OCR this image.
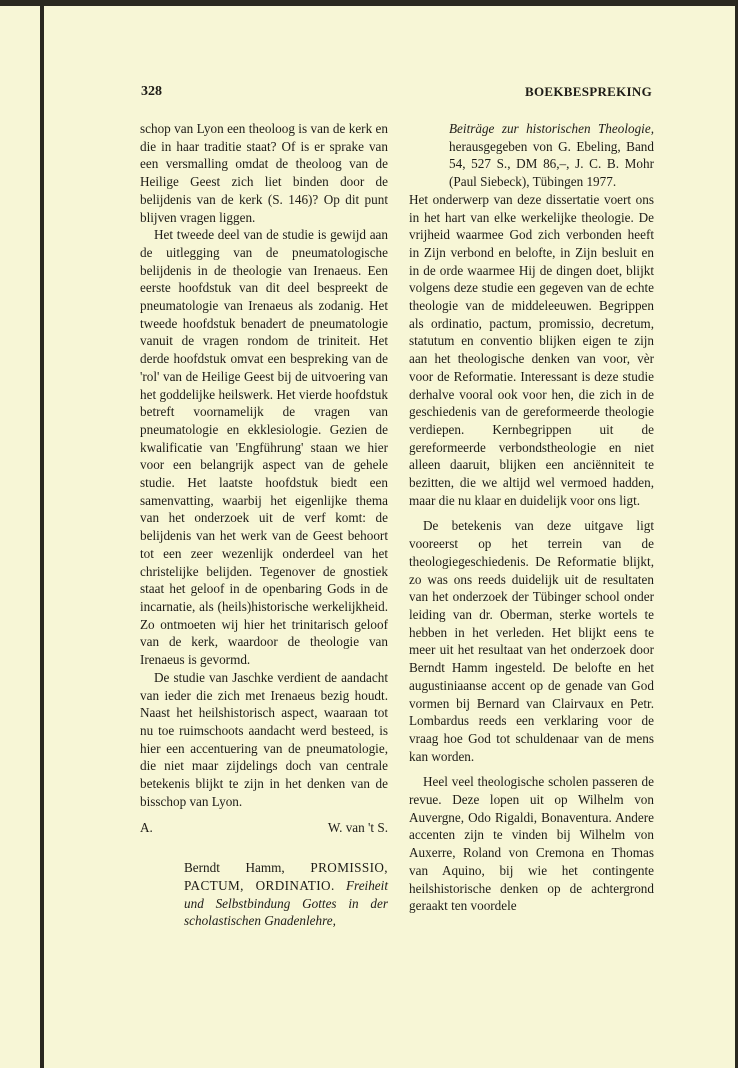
328	BOEKBESPREKING

schop van Lyon een theoloog is van de kerk en die in haar traditie staat? Of is er sprake van een versmalling omdat de theoloog van de Heilige Geest zich liet binden door de belijdenis van de kerk (S. 146)? Op dit punt blijven vragen liggen.

Het tweede deel van de studie is gewijd aan de uitlegging van de pneumatologische belijdenis in de theologie van Irenaeus. Een eerste hoofdstuk van dit deel bespreekt de pneumatologie van Irenaeus als zodanig. Het tweede hoofdstuk benadert de pneumatologie vanuit de vragen rondom de triniteit. Het derde hoofdstuk omvat een bespreking van de 'rol' van de Heilige Geest bij de uitvoering van het goddelijke heilswerk. Het vierde hoofdstuk betreft voornamelijk de vragen van pneumatologie en ekklesiologie. Gezien de kwalificatie van 'Engführung' staan we hier voor een belangrijk aspect van de gehele studie. Het laatste hoofdstuk biedt een samenvatting, waarbij het eigenlijke thema van het onderzoek uit de verf komt: de belijdenis van het werk van de Geest behoort tot een zeer wezenlijk onderdeel van het christelijke belijden. Tegenover de gnostiek staat het geloof in de openbaring Gods in de incarnatie, als (heils)historische werkelijkheid. Zo ontmoeten wij hier het trinitarisch geloof van de kerk, waardoor de theologie van Irenaeus is gevormd.

De studie van Jaschke verdient de aandacht van ieder die zich met Irenaeus bezig houdt. Naast het heilshistorisch aspect, waaraan tot nu toe ruimschoots aandacht werd besteed, is hier een accentuering van de pneumatologie, die niet maar zijdelings doch van centrale betekenis blijkt te zijn in het denken van de bisschop van Lyon.

A.	W. van 't S.
Berndt Hamm, PROMISSIO, PACTUM, ORDINATIO. Freiheit und Selbstbindung Gottes in der scholastischen Gnadenlehre,
Beiträge zur historischen Theologie, herausgegeben von G. Ebeling, Band 54, 527 S., DM 86,–, J. C. B. Mohr (Paul Siebeck), Tübingen 1977.

Het onderwerp van deze dissertatie voert ons in het hart van elke werkelijke theologie. De vrijheid waarmee God zich verbonden heeft in Zijn verbond en belofte, in Zijn besluit en in de orde waarmee Hij de dingen doet, blijkt volgens deze studie een gegeven van de echte theologie van de middeleeuwen. Begrippen als ordinatio, pactum, promissio, decretum, statutum en conventio blijken eigen te zijn aan het theologische denken van voor, vèr voor de Reformatie. Interessant is deze studie derhalve vooral ook voor hen, die zich in de geschiedenis van de gereformeerde theologie verdiepen. Kernbegrippen uit de gereformeerde verbondstheologie en niet alleen daaruit, blijken een anciënniteit te bezitten, die we altijd wel vermoed hadden, maar die nu klaar en duidelijk voor ons ligt.

De betekenis van deze uitgave ligt vooreerst op het terrein van de theologiegeschiedenis. De Reformatie blijkt, zo was ons reeds duidelijk uit de resultaten van het onderzoek der Tübinger school onder leiding van dr. Oberman, sterke wortels te hebben in het verleden. Het blijkt eens te meer uit het resultaat van het onderzoek door Berndt Hamm ingesteld. De belofte en het augustiniaanse accent op de genade van God vormen bij Bernard van Clairvaux en Petr. Lombardus reeds een verklaring voor de vraag hoe God tot schuldenaar van de mens kan worden.

Heel veel theologische scholen passeren de revue. Deze lopen uit op Wilhelm von Auvergne, Odo Rigaldi, Bonaventura. Andere accenten zijn te vinden bij Wilhelm von Auxerre, Roland von Cremona en Thomas van Aquino, bij wie het contingente heilshistorische denken op de achtergrond geraakt ten voordele
